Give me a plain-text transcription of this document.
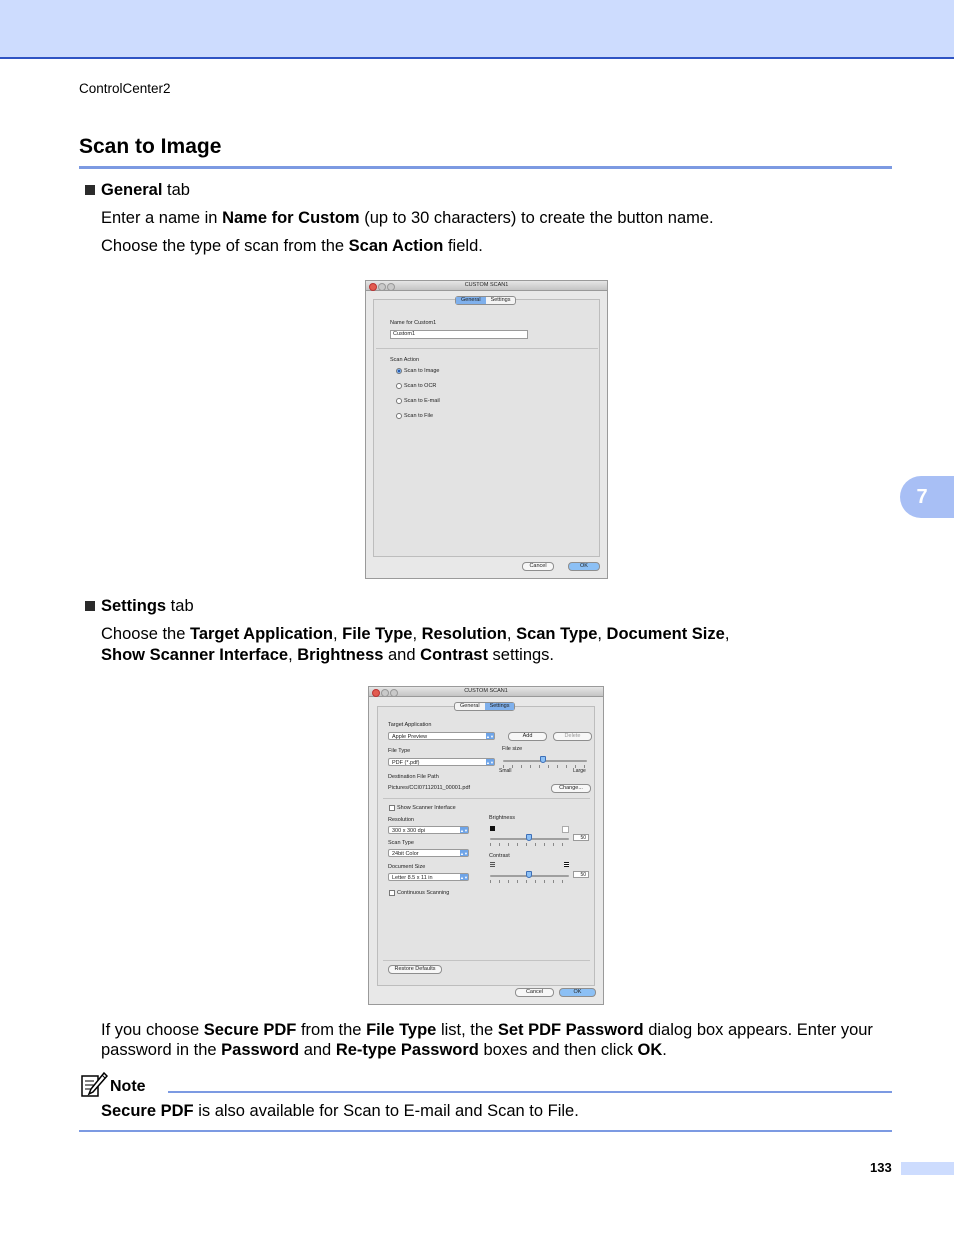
ControlCenter2
Scan to Image
7
General tab
Enter a name in Name for Custom (up to 30 characters) to create the button name.
Choose the type of scan from the Scan Action field.
CUSTOM SCAN1
General Settings
Name for Custom1
Custom1
Scan Action
Scan to Image
Scan to OCR
Scan to E-mail
Scan to File
Cancel	OK
Settings tab
Choose the Target Application, File Type, Resolution, Scan Type, Document Size,
Show Scanner Interface, Brightness and Contrast settings.
CUSTOM SCAN1
General Settings
Target Application
Apple Preview	▲▼	Add	Delete
File Type
PDF (*.pdf)	▲▼
File size
Small	Large
Destination File Path
Pictures/CCI07112011_00001.pdf	Change...
Show Scanner Interface
Resolution
300 x 300 dpi	▲▼
Scan Type
24bit Color	▲▼
Document Size
Letter 8.5 x 11 in	▲▼
Continuous Scanning
Brightness
50
Contrast
50
Restore Defaults
Cancel	OK
If you choose Secure PDF from the File Type list, the Set PDF Password dialog box appears. Enter your
password in the Password and Re-type Password boxes and then click OK.
Note
Secure PDF is also available for Scan to E-mail and Scan to File.
133
